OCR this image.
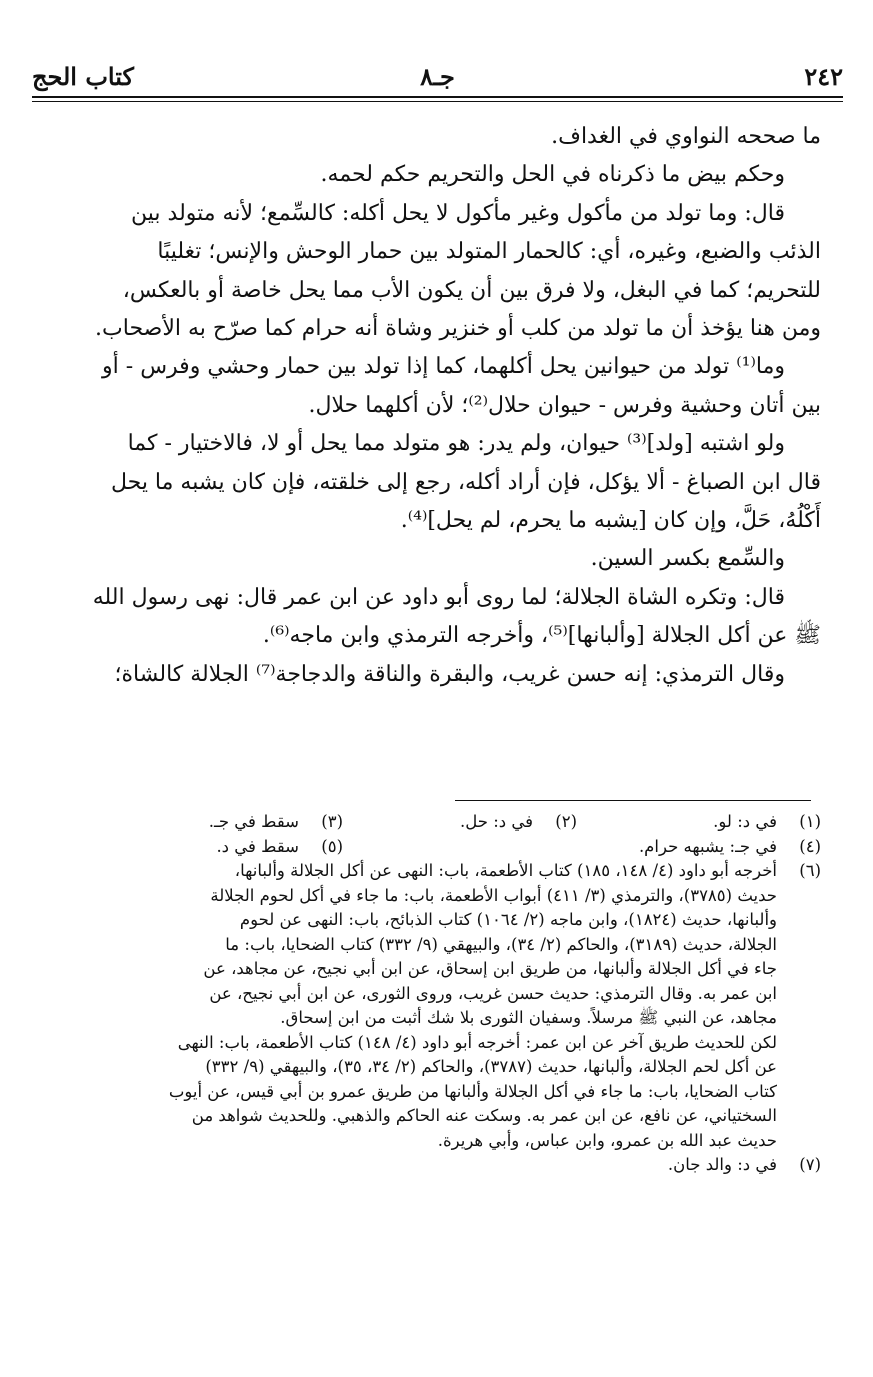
٢٤٢
جـ٨
كتاب الحج

ما صححه النواوي في الغداف.

وحكم بيض ما ذكرناه في الحل والتحريم حكم لحمه.

قال: وما تولد من مأكول وغير مأكول لا يحل أكله: كالسِّمع؛ لأنه متولد بين
الذئب والضبع، وغيره، أي: كالحمار المتولد بين حمار الوحش والإنس؛ تغليبًا
للتحريم؛ كما في البغل، ولا فرق بين أن يكون الأب مما يحل خاصة أو بالعكس،
ومن هنا يؤخذ أن ما تولد من كلب أو خنزير وشاة أنه حرام كما صرّح به الأصحاب.

وما⁽¹⁾ تولد من حيوانين يحل أكلهما، كما إذا تولد بين حمار وحشي وفرس - أو
بين أتان وحشية وفرس - حيوان حلال⁽²⁾؛ لأن أكلهما حلال.

ولو اشتبه [ولد]⁽³⁾ حيوان، ولم يدر: هو متولد مما يحل أو لا، فالاختيار - كما
قال ابن الصباغ - ألا يؤكل، فإن أراد أكله، رجع إلى خلقته، فإن كان يشبه ما يحل
أَكْلُهُ، حَلَّ، وإن كان [يشبه ما يحرم، لم يحل]⁽⁴⁾.

والسِّمع بكسر السين.

قال: وتكره الشاة الجلالة؛ لما روى أبو داود عن ابن عمر قال: نهى رسول الله
ﷺ عن أكل الجلالة [وألبانها]⁽⁵⁾، وأخرجه الترمذي وابن ماجه⁽⁶⁾.

وقال الترمذي: إنه حسن غريب، والبقرة والناقة والدجاجة⁽⁷⁾ الجلالة كالشاة؛

(١)
في د: لو.
(٢)
في د: حل.
(٣)
سقط في جـ.
(٤)
في جـ: يشبهه حرام.
(٥)
سقط في د.
(٦)
أخرجه أبو داود (٤/ ١٤٨، ١٨٥) كتاب الأطعمة، باب: النهى عن أكل الجلالة وألبانها،
حديث (٣٧٨٥)، والترمذي (٣/ ٤١١) أبواب الأطعمة، باب: ما جاء في أكل لحوم الجلالة
وألبانها، حديث (١٨٢٤)، وابن ماجه (٢/ ١٠٦٤) كتاب الذبائح، باب: النهى عن لحوم
الجلالة، حديث (٣١٨٩)، والحاكم (٢/ ٣٤)، والبيهقي (٩/ ٣٣٢) كتاب الضحايا، باب: ما
جاء في أكل الجلالة وألبانها، من طريق ابن إسحاق، عن ابن أبي نجيح، عن مجاهد، عن
ابن عمر به. وقال الترمذي: حديث حسن غريب، وروى الثورى، عن ابن أبي نجيح، عن
مجاهد، عن النبي ﷺ مرسلاً. وسفيان الثورى بلا شك أثبت من ابن إسحاق.
لكن للحديث طريق آخر عن ابن عمر: أخرجه أبو داود (٤/ ١٤٨) كتاب الأطعمة، باب: النهى
عن أكل لحم الجلالة، وألبانها، حديث (٣٧٨٧)، والحاكم (٢/ ٣٤، ٣٥)، والبيهقي (٩/ ٣٣٢)
كتاب الضحايا، باب: ما جاء في أكل الجلالة وألبانها من طريق عمرو بن أبي قيس، عن أيوب
السختياني، عن نافع، عن ابن عمر به. وسكت عنه الحاكم والذهبي. وللحديث شواهد من
حديث عبد الله بن عمرو، وابن عباس، وأبي هريرة.
(٧)
في د: والد جان.
